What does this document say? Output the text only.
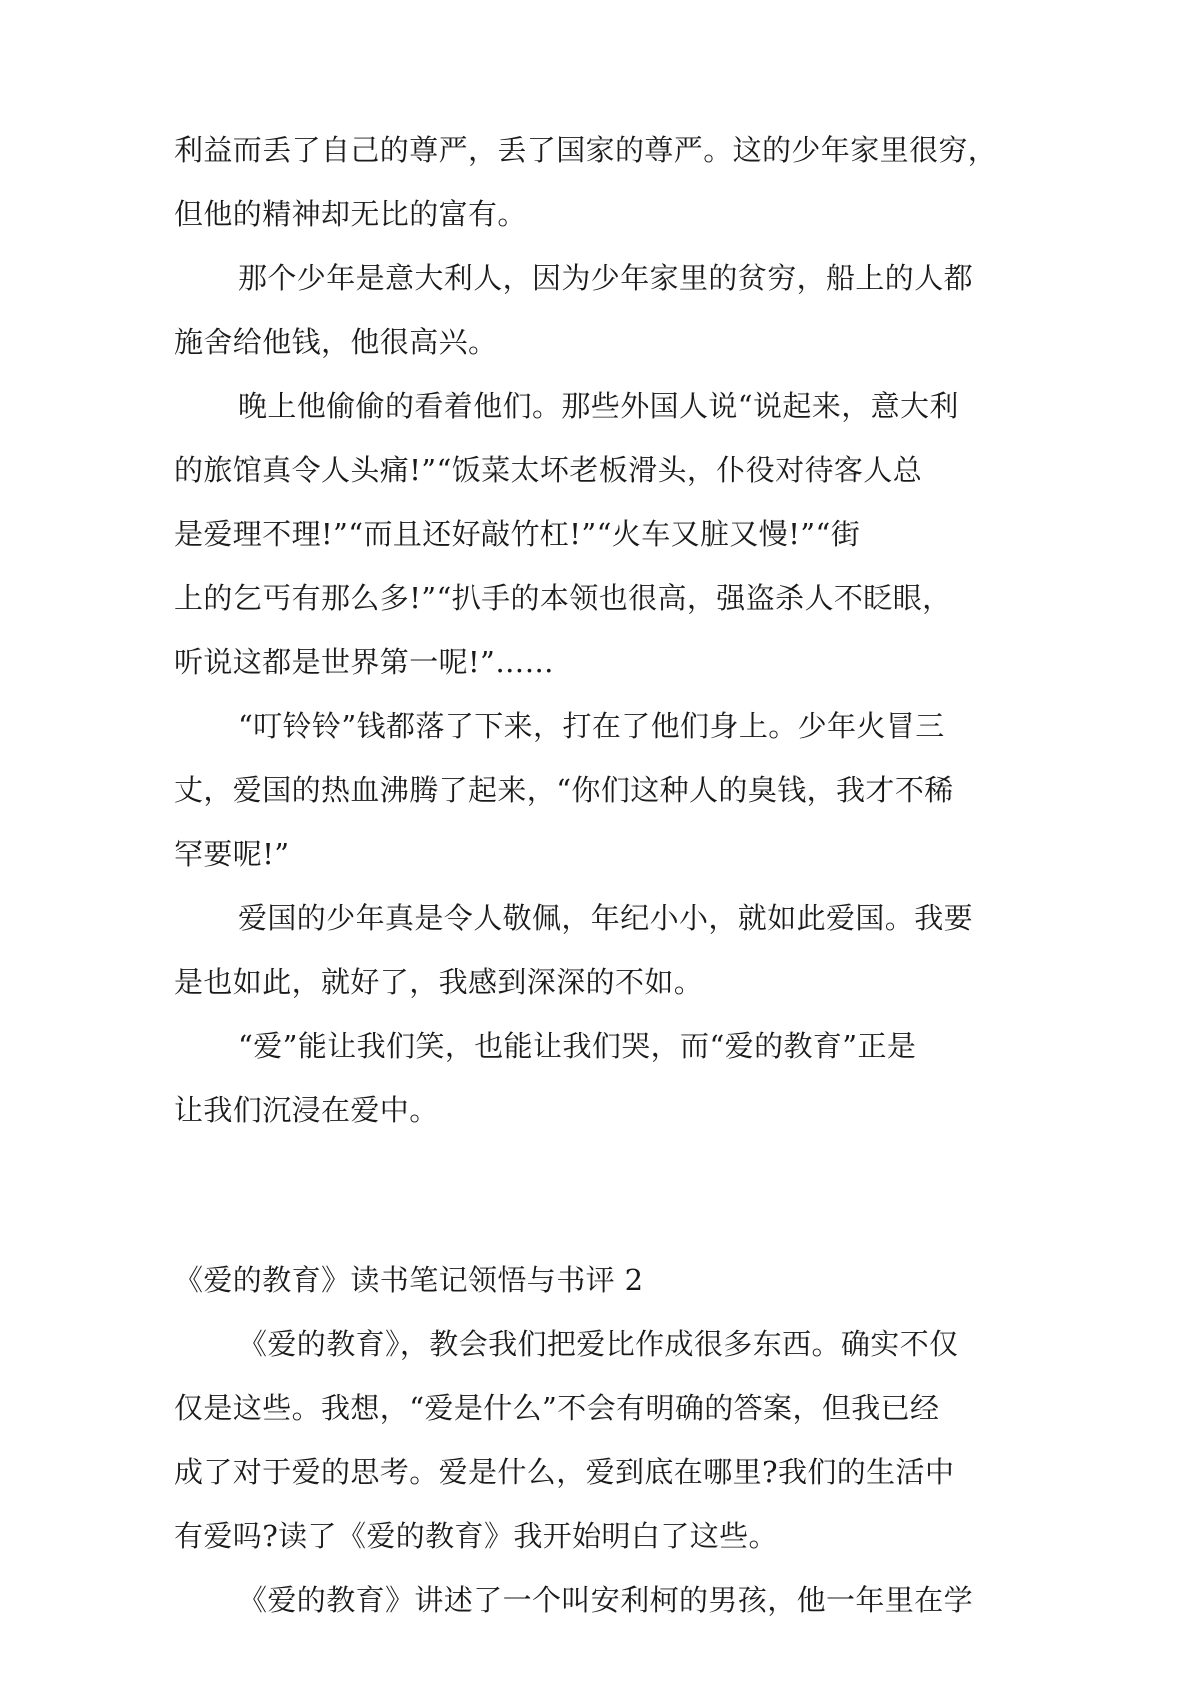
利益而丢了自己的尊严，丢了国家的尊严。这的少年家里很穷，
但他的精神却无比的富有。
那个少年是意大利人，因为少年家里的贫穷，船上的人都
施舍给他钱，他很高兴。
晚上他偷偷的看着他们。那些外国人说“说起来，意大利
的旅馆真令人头痛!”“饭菜太坏老板滑头，仆役对待客人总
是爱理不理!”“而且还好敲竹杠!”“火车又脏又慢!”“街
上的乞丐有那么多!”“扒手的本领也很高，强盗杀人不眨眼，
听说这都是世界第一呢!”……
“叮铃铃”钱都落了下来，打在了他们身上。少年火冒三
丈，爱国的热血沸腾了起来，“你们这种人的臭钱，我才不稀
罕要呢!”
爱国的少年真是令人敬佩，年纪小小，就如此爱国。我要
是也如此，就好了，我感到深深的不如。
“爱”能让我们笑，也能让我们哭，而“爱的教育”正是
让我们沉浸在爱中。
《爱的教育》读书笔记领悟与书评 2
《爱的教育》，教会我们把爱比作成很多东西。确实不仅
仅是这些。我想，“爱是什么”不会有明确的答案，但我已经
成了对于爱的思考。爱是什么，爱到底在哪里?我们的生活中
有爱吗?读了《爱的教育》我开始明白了这些。
《爱的教育》讲述了一个叫安利柯的男孩，他一年里在学
